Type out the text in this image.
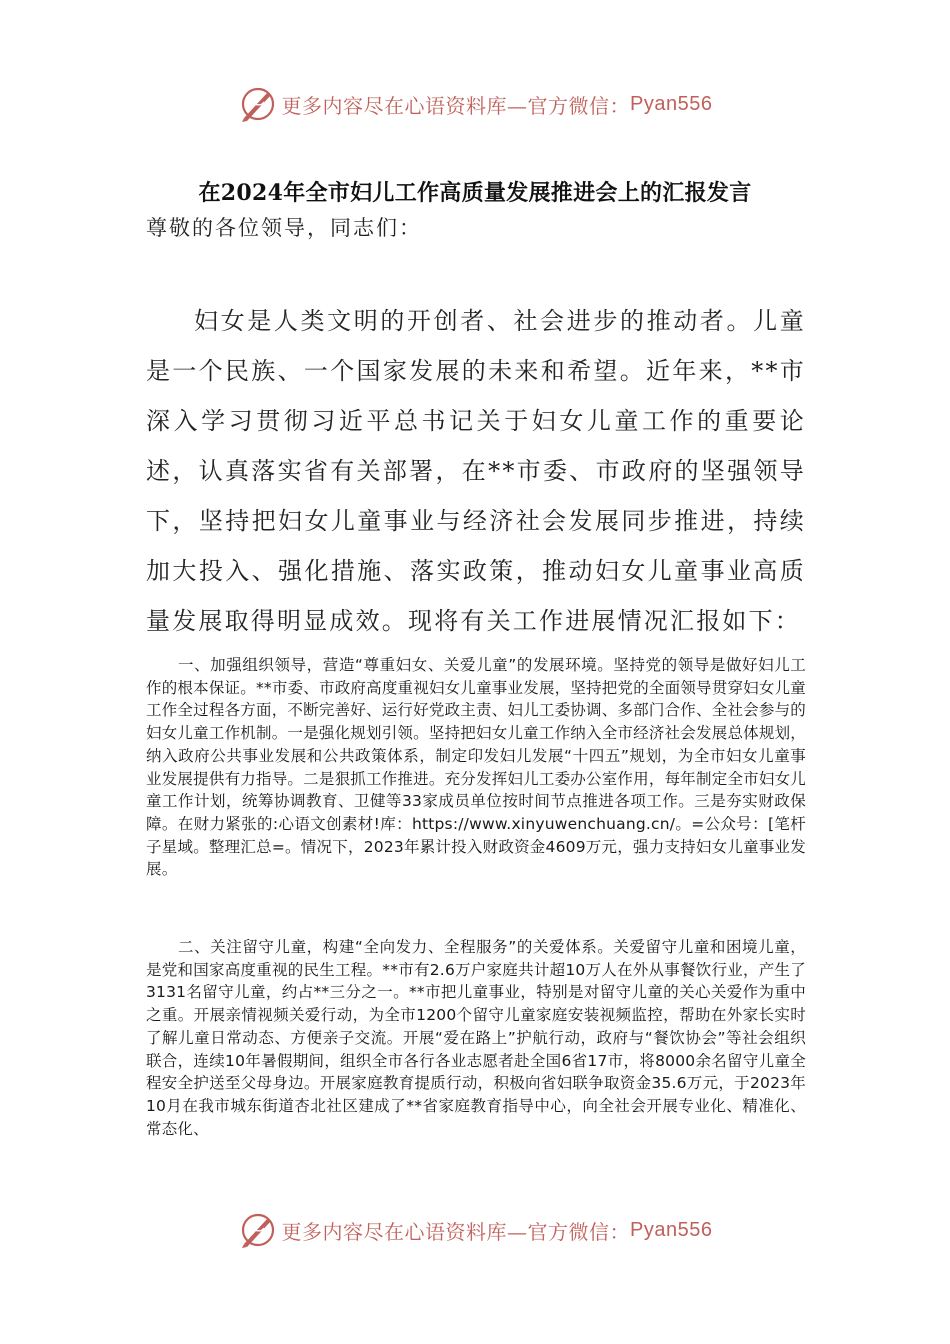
更多内容尽在心语资料库—官方微信： Pyan556
在2024年全市妇儿工作高质量发展推进会上的汇报发言
尊敬的各位领导，同志们：

妇女是人类文明的开创者、社会进步的推动者。儿童是一个民族、一个国家发展的未来和希望。近年来，**市深入学习贯彻习近平总书记关于妇女儿童工作的重要论述，认真落实省有关部署，在**市委、市政府的坚强领导下，坚持把妇女儿童事业与经济社会发展同步推进，持续加大投入、强化措施、落实政策，推动妇女儿童事业高质量发展取得明显成效。现将有关工作进展情况汇报如下：

一、加强组织领导，营造“尊重妇女、关爱儿童”的发展环境。坚持党的领导是做好妇儿工作的根本保证。**市委、市政府高度重视妇女儿童事业发展，坚持把党的全面领导贯穿妇女儿童工作全过程各方面，不断完善好、运行好党政主责、妇儿工委协调、多部门合作、全社会参与的妇女儿童工作机制。一是强化规划引领。坚持把妇女儿童工作纳入全市经济社会发展总体规划，纳入政府公共事业发展和公共政策体系，制定印发妇儿发展“十四五”规划，为全市妇女儿童事业发展提供有力指导。二是狠抓工作推进。充分发挥妇儿工委办公室作用，每年制定全市妇女儿童工作计划，统筹协调教育、卫健等33家成员单位按时间节点推进各项工作。三是夯实财政保障。在财力紧张的:心语文创素材!库：https://www.xinyuwenchuang.cn/。=公众号：[笔杆子星域。整理汇总=。情况下，2023年累计投入财政资金4609万元，强力支持妇女儿童事业发展。

二、关注留守儿童，构建“全向发力、全程服务”的关爱体系。关爱留守儿童和困境儿童，是党和国家高度重视的民生工程。**市有2.6万户家庭共计超10万人在外从事餐饮行业，产生了3131名留守儿童，约占**三分之一。**市把儿童事业，特别是对留守儿童的关心关爱作为重中之重。开展亲情视频关爱行动，为全市1200个留守儿童家庭安装视频监控，帮助在外家长实时了解儿童日常动态、方便亲子交流。开展“爱在路上”护航行动，政府与“餐饮协会”等社会组织联合，连续10年暑假期间，组织全市各行各业志愿者赴全国6省17市，将8000余名留守儿童全程安全护送至父母身边。开展家庭教育提质行动，积极向省妇联争取资金35.6万元，于2023年10月在我市城东街道杏北社区建成了**省家庭教育指导中心，向全社会开展专业化、精准化、常态化、

更多内容尽在心语资料库—官方微信： Pyan556
